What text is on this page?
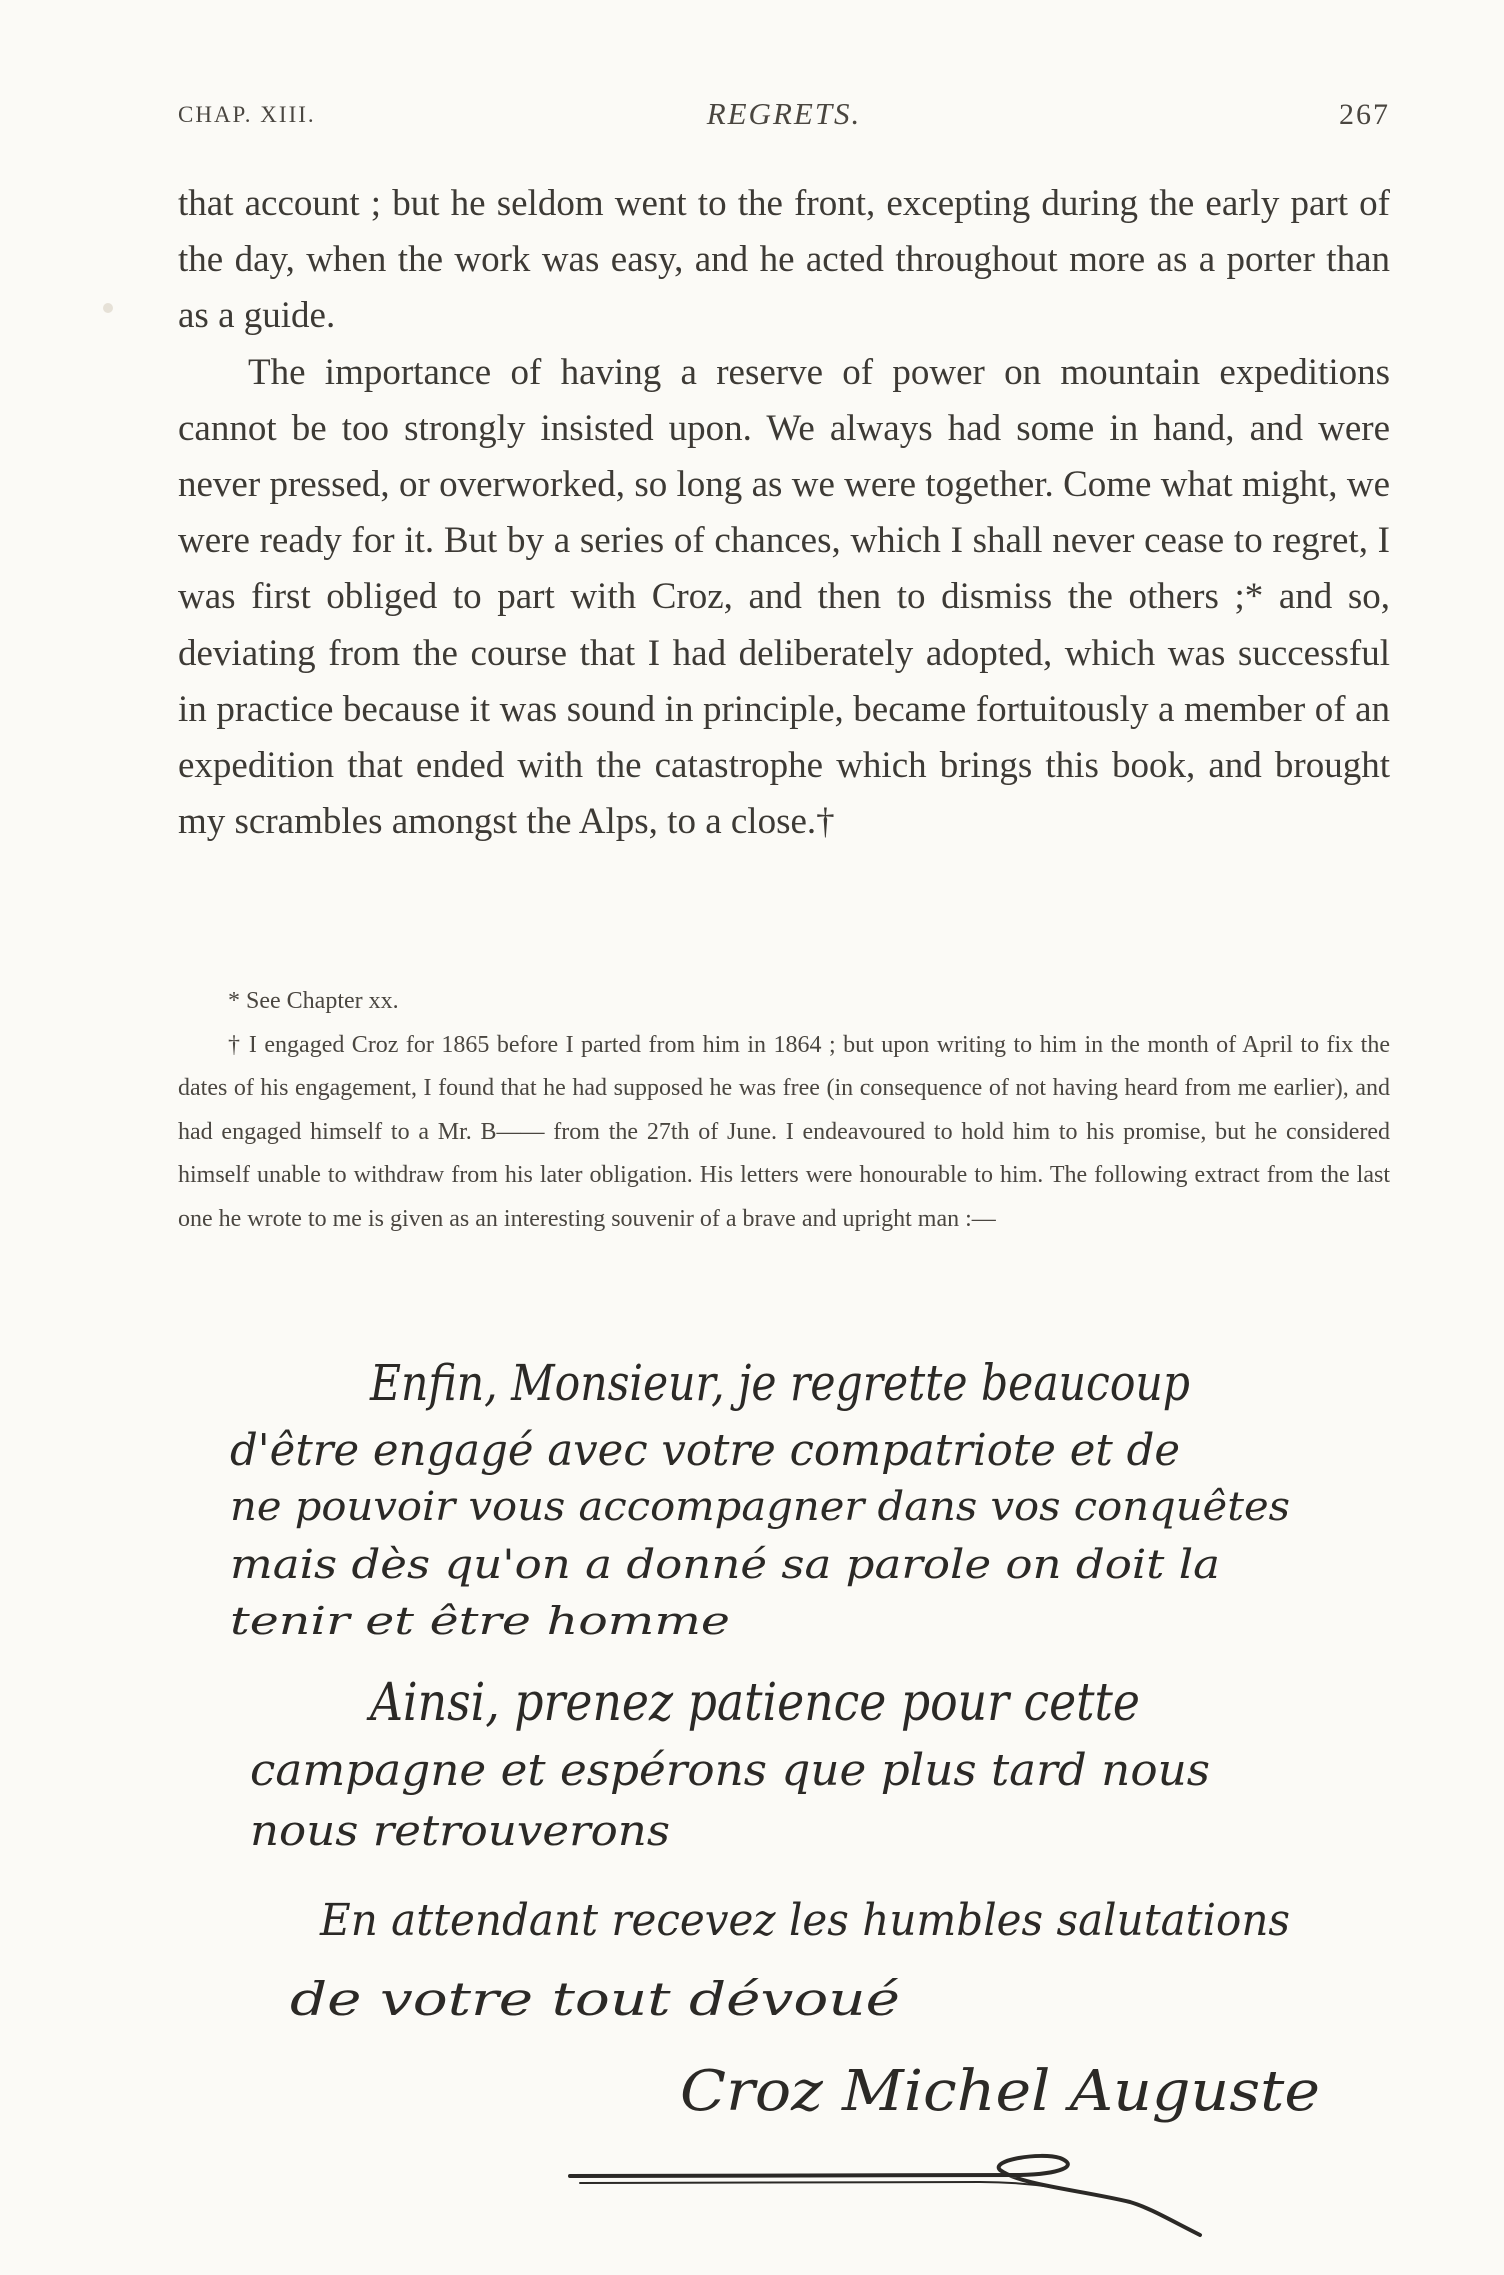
CHAP. XIII.	REGRETS.	267

that account ; but he seldom went to the front, excepting during the early part of the day, when the work was easy, and he acted throughout more as a porter than as a guide.

The importance of having a reserve of power on mountain expeditions cannot be too strongly insisted upon. We always had some in hand, and were never pressed, or overworked, so long as we were together. Come what might, we were ready for it. But by a series of chances, which I shall never cease to regret, I was first obliged to part with Croz, and then to dismiss the others ;* and so, deviating from the course that I had deliberately adopted, which was successful in practice because it was sound in principle, became fortuitously a member of an expedition that ended with the catastrophe which brings this book, and brought my scrambles amongst the Alps, to a close.†

* See Chapter xx.

† I engaged Croz for 1865 before I parted from him in 1864 ; but upon writing to him in the month of April to fix the dates of his engagement, I found that he had supposed he was free (in consequence of not having heard from me earlier), and had engaged himself to a Mr. B—— from the 27th of June. I endeavoured to hold him to his promise, but he considered himself unable to withdraw from his later obligation. His letters were honourable to him. The following extract from the last one he wrote to me is given as an interesting souvenir of a brave and upright man :—

Enfin, Monsieur, je regrette beaucoup
d'être engagé avec votre compatriote et de
ne pouvoir vous accompagner dans vos conquêtes
mais dès qu'on a donné sa parole on doit la
tenir et être homme
Ainsi, prenez patience pour cette
campagne et espérons que plus tard nous
nous retrouverons
En attendant recevez les humbles salutations
de votre tout dévoué
Croz Michel Auguste
